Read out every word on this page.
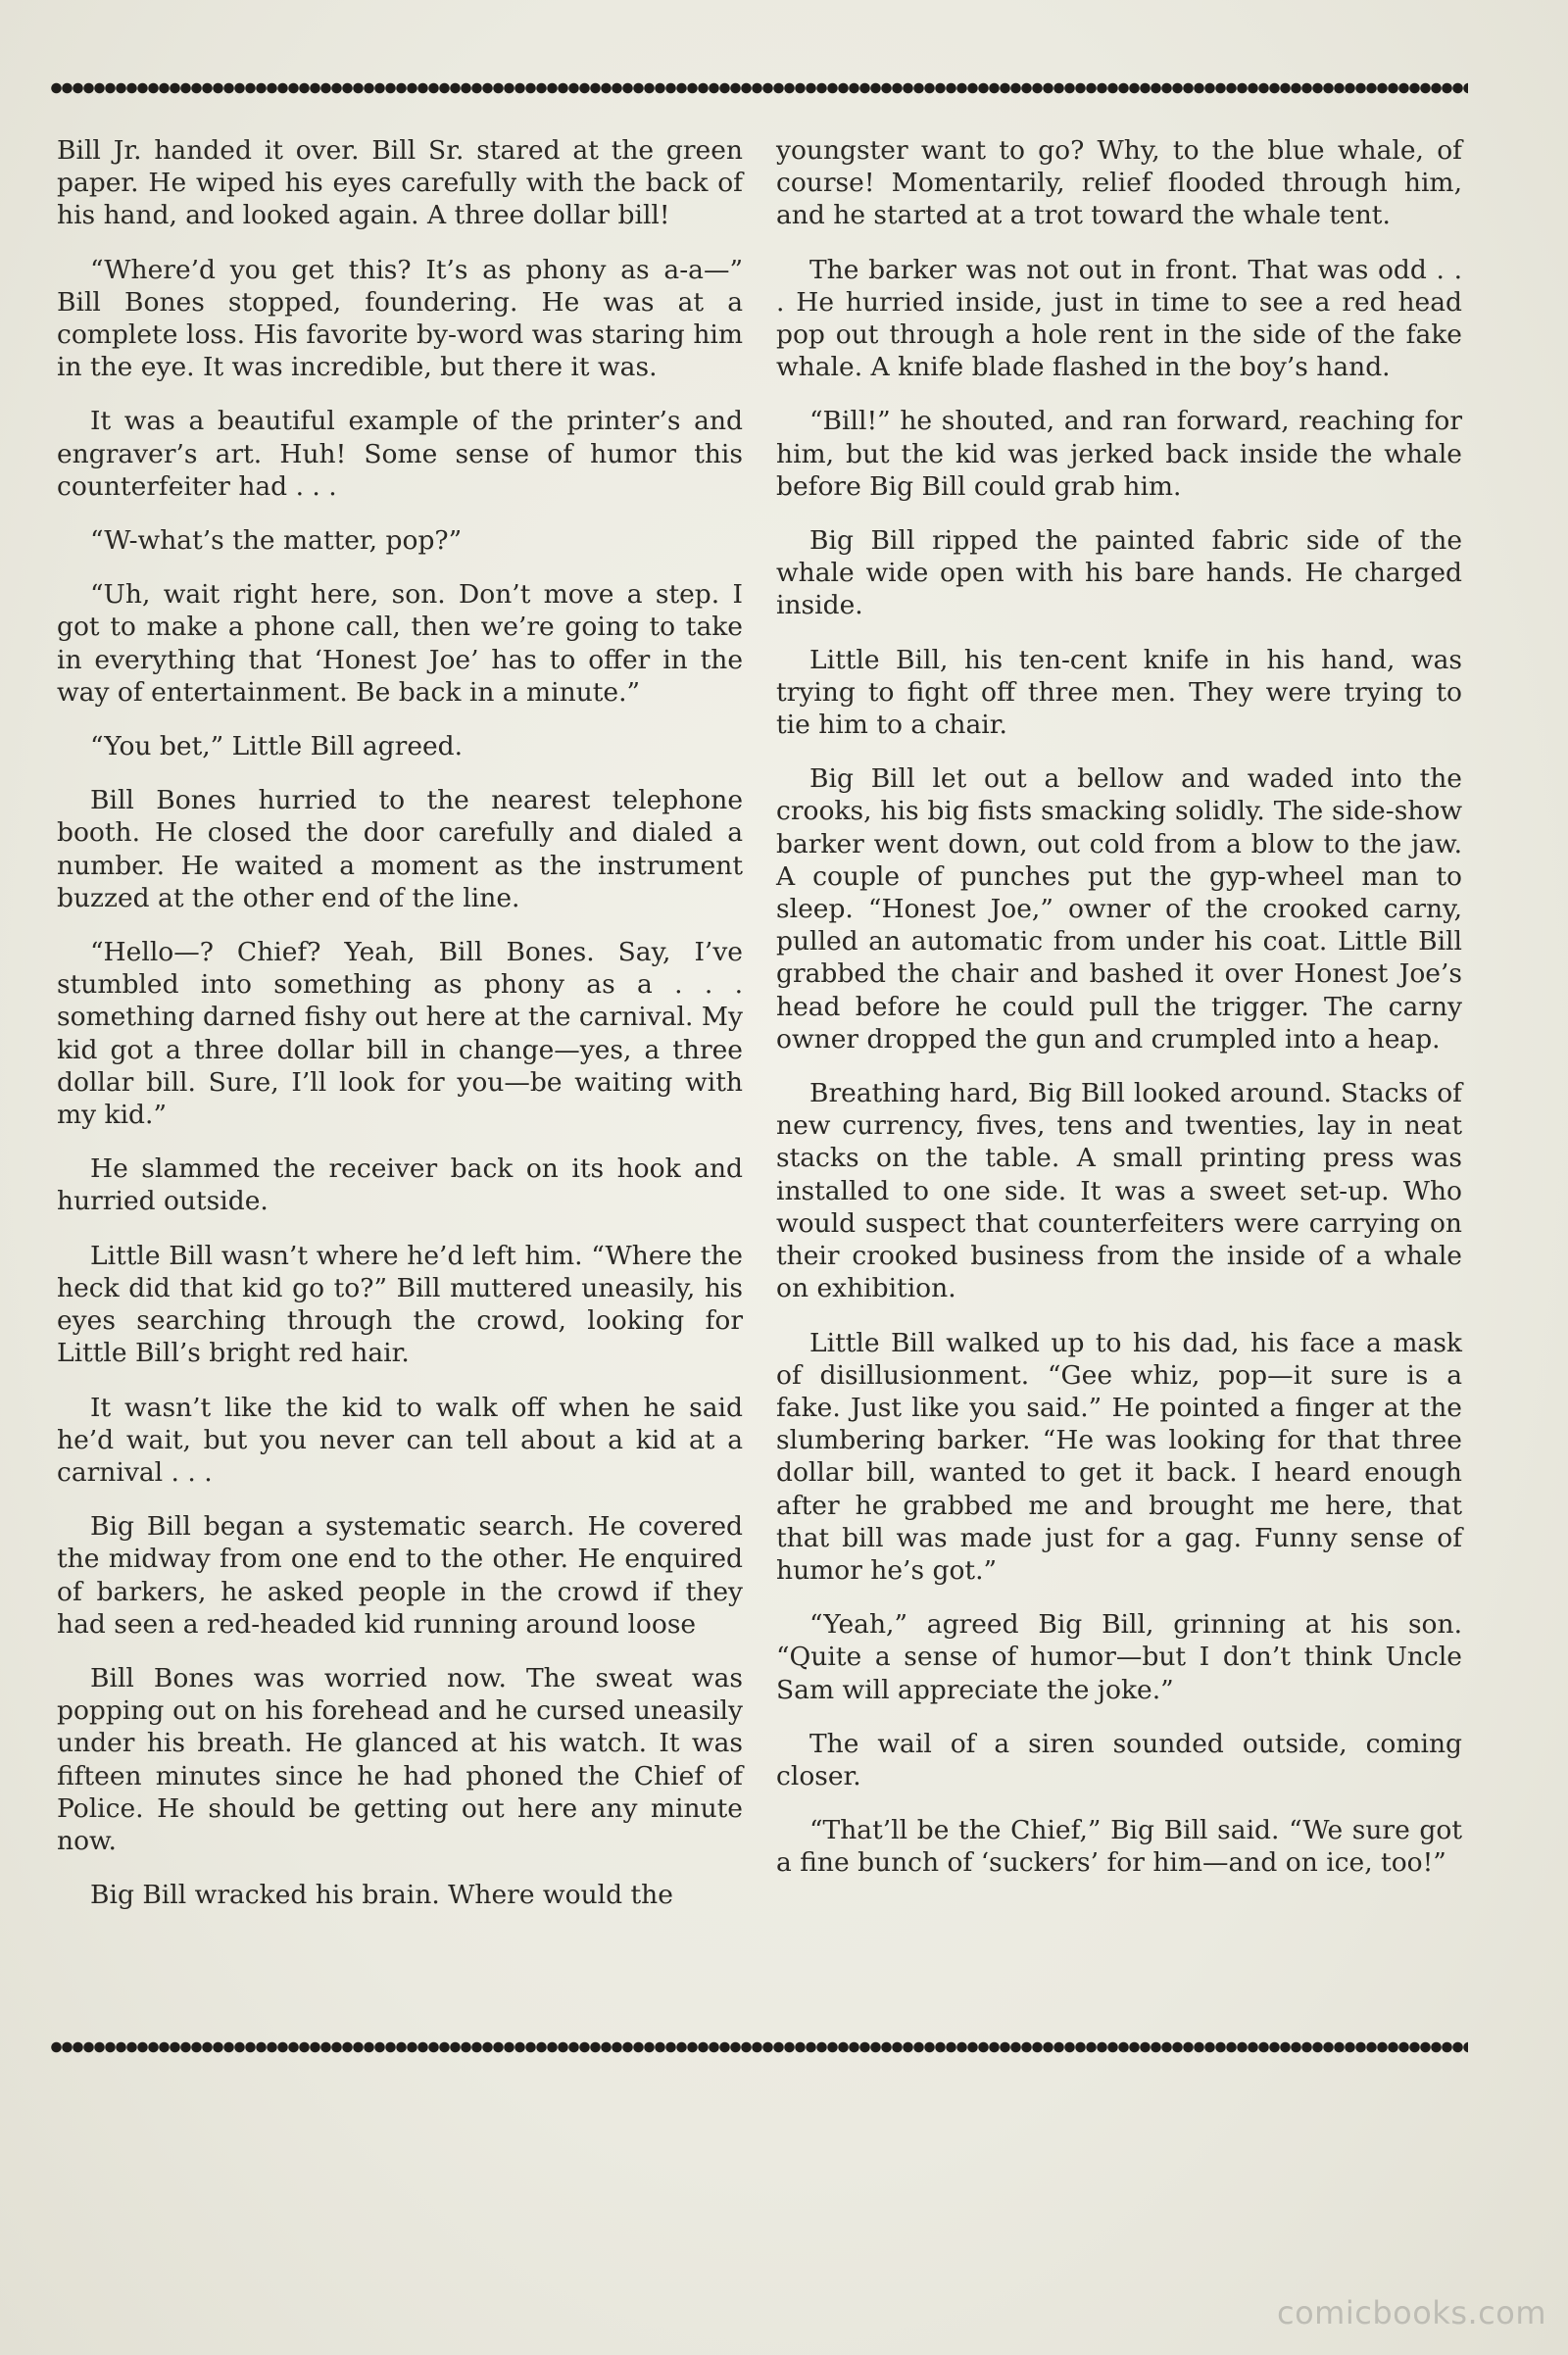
Bill Jr. handed it over. Bill Sr. stared at the green paper. He wiped his eyes carefully with the back of his hand, and looked again. A three dollar bill!

“Where’d you get this? It’s as phony as a-a—” Bill Bones stopped, foundering. He was at a complete loss. His favorite by-word was staring him in the eye. It was incredible, but there it was.

It was a beautiful example of the printer’s and engraver’s art. Huh! Some sense of humor this counterfeiter had . . .

“W-what’s the matter, pop?”

“Uh, wait right here, son. Don’t move a step. I got to make a phone call, then we’re going to take in everything that ‘Honest Joe’ has to offer in the way of entertainment. Be back in a minute.”

“You bet,” Little Bill agreed.

Bill Bones hurried to the nearest telephone booth. He closed the door carefully and dialed a number. He waited a moment as the instrument buzzed at the other end of the line.

“Hello—? Chief? Yeah, Bill Bones. Say, I’ve stumbled into something as phony as a . . . something darned fishy out here at the carnival. My kid got a three dollar bill in change—yes, a three dollar bill. Sure, I’ll look for you—be waiting with my kid.”

He slammed the receiver back on its hook and hurried outside.

Little Bill wasn’t where he’d left him. “Where the heck did that kid go to?” Bill muttered uneasily, his eyes searching through the crowd, looking for Little Bill’s bright red hair.

It wasn’t like the kid to walk off when he said he’d wait, but you never can tell about a kid at a carnival . . .

Big Bill began a systematic search. He covered the midway from one end to the other. He enquired of barkers, he asked people in the crowd if they had seen a red-headed kid running around loose

Bill Bones was worried now. The sweat was popping out on his forehead and he cursed uneasily under his breath. He glanced at his watch. It was fifteen minutes since he had phoned the Chief of Police. He should be getting out here any minute now.

Big Bill wracked his brain. Where would the

youngster want to go? Why, to the blue whale, of course! Momentarily, relief flooded through him, and he started at a trot toward the whale tent.

The barker was not out in front. That was odd . . . He hurried inside, just in time to see a red head pop out through a hole rent in the side of the fake whale. A knife blade flashed in the boy’s hand.

“Bill!” he shouted, and ran forward, reaching for him, but the kid was jerked back inside the whale before Big Bill could grab him.

Big Bill ripped the painted fabric side of the whale wide open with his bare hands. He charged inside.

Little Bill, his ten-cent knife in his hand, was trying to fight off three men. They were trying to tie him to a chair.

Big Bill let out a bellow and waded into the crooks, his big fists smacking solidly. The side-show barker went down, out cold from a blow to the jaw. A couple of punches put the gyp-wheel man to sleep. “Honest Joe,” owner of the crooked carny, pulled an automatic from under his coat. Little Bill grabbed the chair and bashed it over Honest Joe’s head before he could pull the trigger. The carny owner dropped the gun and crumpled into a heap.

Breathing hard, Big Bill looked around. Stacks of new currency, fives, tens and twenties, lay in neat stacks on the table. A small printing press was installed to one side. It was a sweet set-up. Who would suspect that counterfeiters were carrying on their crooked business from the inside of a whale on exhibition.

Little Bill walked up to his dad, his face a mask of disillusionment. “Gee whiz, pop—it sure is a fake. Just like you said.” He pointed a finger at the slumbering barker. “He was looking for that three dollar bill, wanted to get it back. I heard enough after he grabbed me and brought me here, that that bill was made just for a gag. Funny sense of humor he’s got.”

“Yeah,” agreed Big Bill, grinning at his son. “Quite a sense of humor—but I don’t think Uncle Sam will appreciate the joke.”

The wail of a siren sounded outside, coming closer.

“That’ll be the Chief,” Big Bill said. “We sure got a fine bunch of ‘suckers’ for him—and on ice, too!”

comicbooks.com
